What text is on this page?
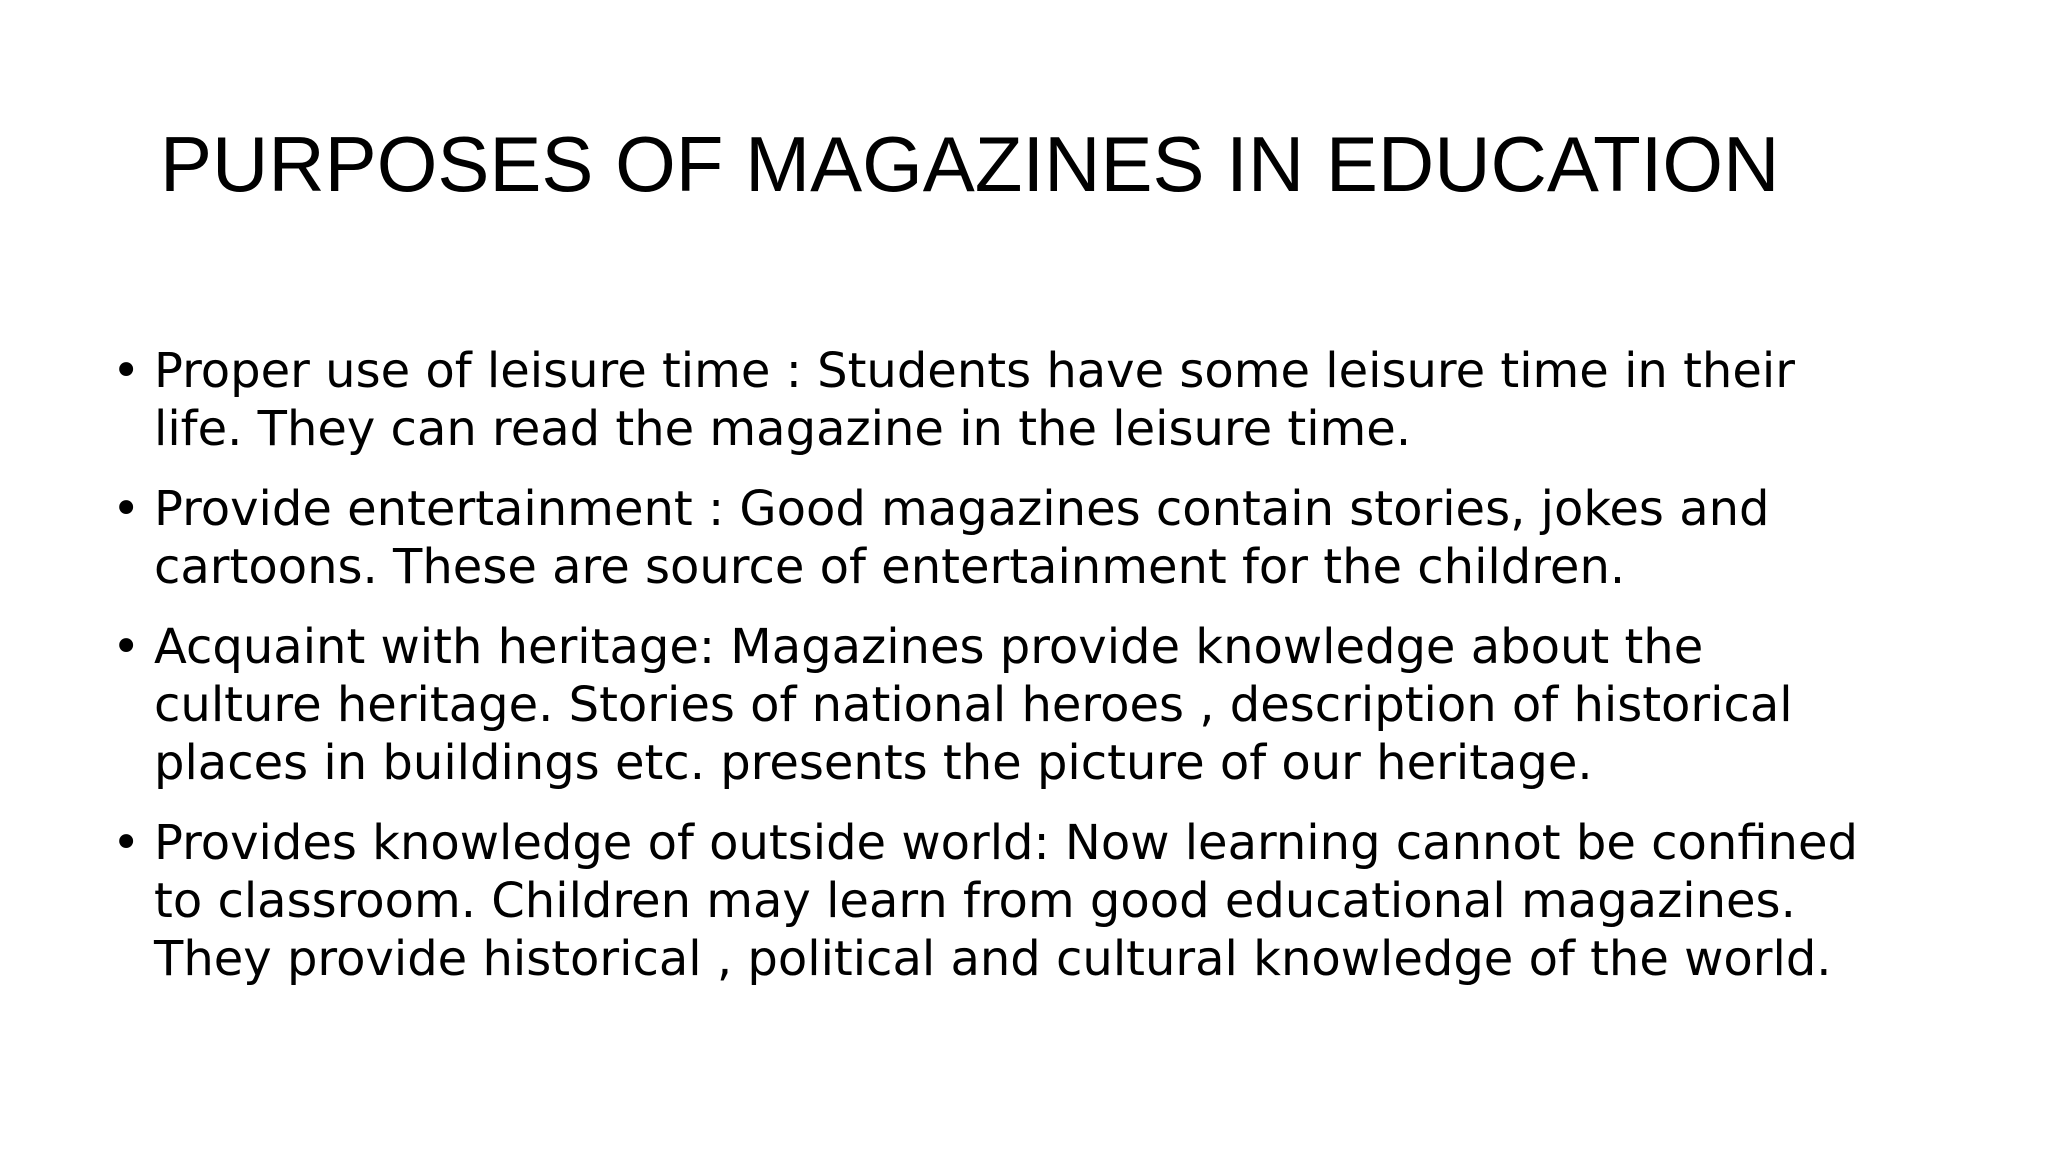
PURPOSES OF MAGAZINES IN EDUCATION
• Proper use of leisure time : Students have some leisure time in their life. They can read the magazine in the leisure time.
• Provide entertainment : Good magazines contain stories, jokes and cartoons. These are source of entertainment for the children.
• Acquaint with heritage: Magazines provide knowledge about the culture heritage. Stories of national heroes , description of historical places in buildings etc. presents the picture of our heritage.
• Provides knowledge of outside world: Now learning cannot be confined to classroom. Children may learn from good educational magazines. They provide historical , political and cultural knowledge of the world.
